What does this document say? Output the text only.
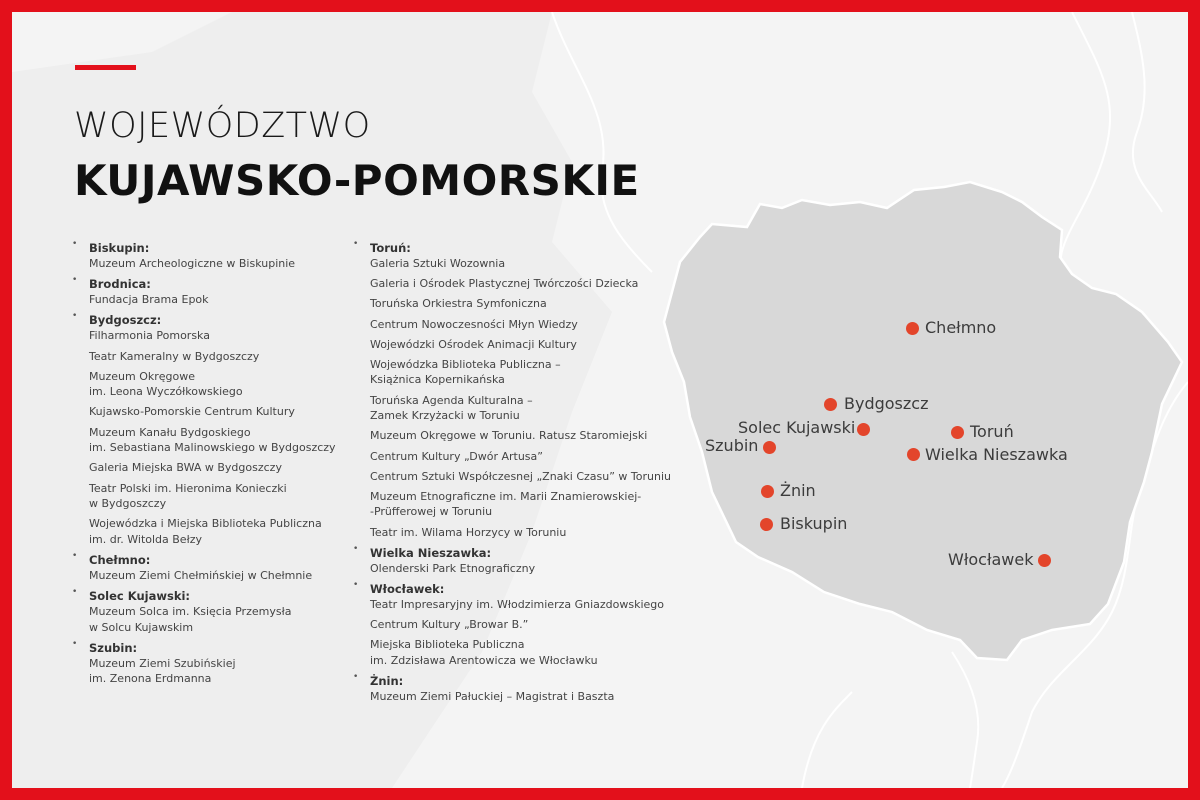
WOJEWÓDZTWO
KUJAWSKO-POMORSKIE
• Biskupin:
Muzeum Archeologiczne w Biskupinie
• Brodnica:
Fundacja Brama Epok
• Bydgoszcz:
Filharmonia Pomorska
Teatr Kameralny w Bydgoszczy
Muzeum Okręgowe
im. Leona Wyczółkowskiego
Kujawsko-Pomorskie Centrum Kultury
Muzeum Kanału Bydgoskiego
im. Sebastiana Malinowskiego w Bydgoszczy
Galeria Miejska BWA w Bydgoszczy
Teatr Polski im. Hieronima Konieczki
w Bydgoszczy
Wojewódzka i Miejska Biblioteka Publiczna
im. dr. Witolda Bełzy
• Chełmno:
Muzeum Ziemi Chełmińskiej w Chełmnie
• Solec Kujawski:
Muzeum Solca im. Księcia Przemysła
w Solcu Kujawskim
• Szubin:
Muzeum Ziemi Szubińskiej
im. Zenona Erdmanna
• Toruń:
Galeria Sztuki Wozownia
Galeria i Ośrodek Plastycznej Twórczości Dziecka
Toruńska Orkiestra Symfoniczna
Centrum Nowoczesności Młyn Wiedzy
Wojewódzki Ośrodek Animacji Kultury
Wojewódzka Biblioteka Publiczna –
Książnica Kopernikańska
Toruńska Agenda Kulturalna –
Zamek Krzyżacki w Toruniu
Muzeum Okręgowe w Toruniu. Ratusz Staromiejski
Centrum Kultury „Dwór Artusa”
Centrum Sztuki Współczesnej „Znaki Czasu” w Toruniu
Muzeum Etnograficzne im. Marii Znamierowskiej-
-Prüfferowej w Toruniu
Teatr im. Wilama Horzycy w Toruniu
• Wielka Nieszawka:
Olenderski Park Etnograficzny
• Włocławek:
Teatr Impresaryjny im. Włodzimierza Gniazdowskiego
Centrum Kultury „Browar B.”
Miejska Biblioteka Publiczna
im. Zdzisława Arentowicza we Włocławku
• Żnin:
Muzeum Ziemi Pałuckiej – Magistrat i Baszta
Chełmno
Bydgoszcz
Solec Kujawski	Toruń
Szubin	Wielka Nieszawka
Żnin
Biskupin
Włocławek
